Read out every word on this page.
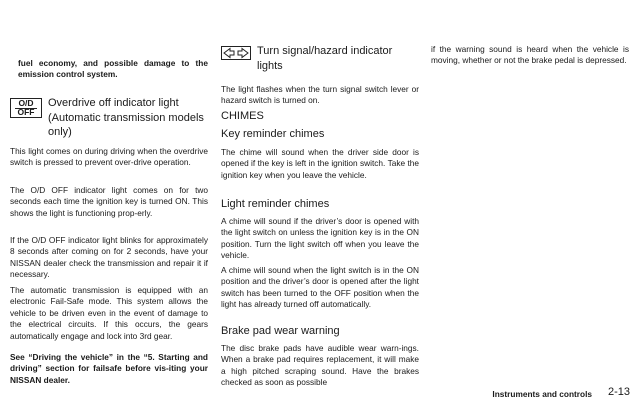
fuel economy, and possible damage to the emission control system.

O/D
OFF
Overdrive off indicator light (Automatic transmission models only)

This light comes on during driving when the overdrive switch is pressed to prevent over-drive operation.

The O/D OFF indicator light comes on for two seconds each time the ignition key is turned ON. This shows the light is functioning prop-erly.

If the O/D OFF indicator light blinks for approximately 8 seconds after coming on for 2 seconds, have your NISSAN dealer check the transmission and repair it if necessary.

The automatic transmission is equipped with an electronic Fail-Safe mode. This system allows the vehicle to be driven even in the event of damage to the electrical circuits. If this occurs, the gears automatically engage and lock into 3rd gear.

See “Driving the vehicle” in the “5. Starting and driving” section for failsafe before vis-iting your NISSAN dealer.

Turn signal/hazard indicator lights

The light flashes when the turn signal switch lever or hazard switch is turned on.

CHIMES
Key reminder chimes

The chime will sound when the driver side door is opened if the key is left in the ignition switch. Take the ignition key when you leave the vehicle.

Light reminder chimes

A chime will sound if the driver’s door is opened with the light switch on unless the ignition key is in the ON position. Turn the light switch off when you leave the vehicle.

A chime will sound when the light switch is in the ON position and the driver’s door is opened after the light switch has been turned to the OFF position when the light has already turned off automatically.

Brake pad wear warning

The disc brake pads have audible wear warn-ings. When a brake pad requires replacement, it will make a high pitched scraping sound. Have the brakes checked as soon as possible

if the warning sound is heard when the vehicle is moving, whether or not the brake pedal is depressed.

Instruments and controls 2-13
